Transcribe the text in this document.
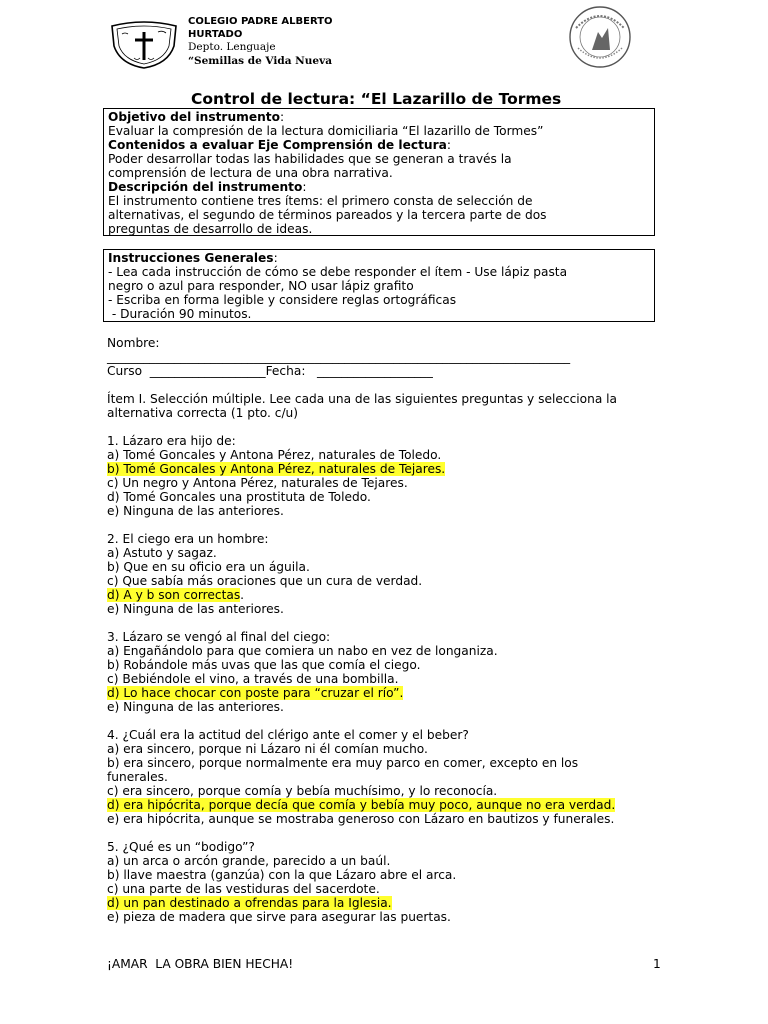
COLEGIO PADRE ALBERTO

HURTADO

Depto. Lenguaje

“Semillas de Vida Nueva

Control de lectura: “El Lazarillo de Tormes

Objetivo del instrumento:

Evaluar la compresión de la lectura domiciliaria “El lazarillo de Tormes”

Contenidos a evaluar Eje Comprensión de lectura:

Poder desarrollar todas las habilidades que se generan a través la

comprensión de lectura de una obra narrativa.

Descripción del instrumento:

El instrumento contiene tres ítems: el primero consta de selección de

alternativas, el segundo de términos pareados y la tercera parte de dos

preguntas de desarrollo de ideas.

Instrucciones Generales:

- Lea cada instrucción de cómo se debe responder el ítem - Use lápiz pasta

negro o azul para responder, NO usar lápiz grafito

- Escriba en forma legible y considere reglas ortográficas

- Duración 90 minutos.

Nombre:

____________________________________________________________________________

Curso  ___________________Fecha:   ___________________

Ítem I. Selección múltiple. Lee cada una de las siguientes preguntas y selecciona la

alternativa correcta (1 pto. c/u)

1. Lázaro era hijo de:

a) Tomé Goncales y Antona Pérez, naturales de Toledo.

b) Tomé Goncales y Antona Pérez, naturales de Tejares.

c) Un negro y Antona Pérez, naturales de Tejares.

d) Tomé Goncales una prostituta de Toledo.

e) Ninguna de las anteriores.

2. El ciego era un hombre:

a) Astuto y sagaz.

b) Que en su oficio era un águila.

c) Que sabía más oraciones que un cura de verdad.

d) A y b son correctas.

e) Ninguna de las anteriores.

3. Lázaro se vengó al final del ciego:

a) Engañándolo para que comiera un nabo en vez de longaniza.

b) Robándole más uvas que las que comía el ciego.

c) Bebiéndole el vino, a través de una bombilla.

d) Lo hace chocar con poste para “cruzar el río”.

e) Ninguna de las anteriores.

4. ¿Cuál era la actitud del clérigo ante el comer y el beber?

a) era sincero, porque ni Lázaro ni él comían mucho.

b) era sincero, porque normalmente era muy parco en comer, excepto en los

funerales.

c) era sincero, porque comía y bebía muchísimo, y lo reconocía.

d) era hipócrita, porque decía que comía y bebía muy poco, aunque no era verdad.

e) era hipócrita, aunque se mostraba generoso con Lázaro en bautizos y funerales.

5. ¿Qué es un “bodigo”?

a) un arca o arcón grande, parecido a un baúl.

b) llave maestra (ganzúa) con la que Lázaro abre el arca.

c) una parte de las vestiduras del sacerdote.

d) un pan destinado a ofrendas para la Iglesia.

e) pieza de madera que sirve para asegurar las puertas.

¡AMAR  LA OBRA BIEN HECHA!	1
